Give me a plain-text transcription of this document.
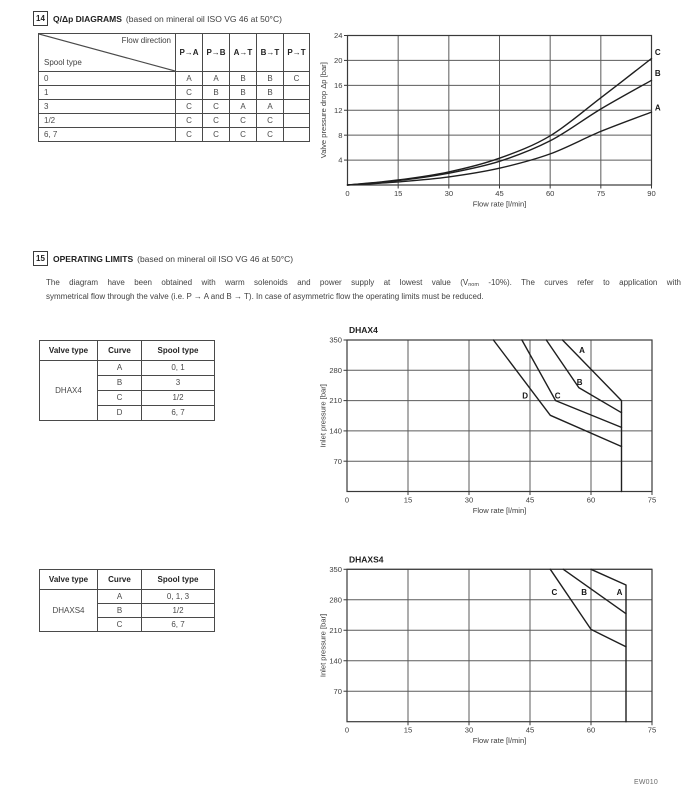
14 Q/Δp DIAGRAMS (based on mineral oil ISO VG 46 at 50°C)
Flow direction
Spool type	P→A	P→B	A→T	B→T	P→T
0	A	A	B	B	C
1	C	B	B	B	
3	C	C	A	A	
1/2	C	C	C	C	
6, 7	C	C	C	C	
0	15	30	45	60	75	90
4
8
12
16
20
24
Flow rate [l/min]
Valve pressure drop Δp [bar]
C
B
A
15 OPERATING LIMITS (based on mineral oil ISO VG 46 at 50°C)
The diagram have been obtained with warm solenoids and power supply at lowest value ($V_{nom}$ -10%). The curves refer to application with
symmetrical flow through the valve (i.e. P → A and B → T). In case of asymmetric flow the operating limits must be reduced.
Valve type	Curve	Spool type
DHAX4	A	0, 1
	B	3
	C	1/2
	D	6, 7
0	15	30	45	60	75
70
140
210
280
350
Flow rate [l/min]
Inlet pressure [bar]
DHAX4
A
B
C
D
Valve type	Curve	Spool type
DHAXS4	A	0, 1, 3
	B	1/2
	C	6, 7
0	15	30	45	60	75
70
140
210
280
350
Flow rate [l/min]
Inlet pressure [bar]
DHAXS4
A
B
C
EW010
